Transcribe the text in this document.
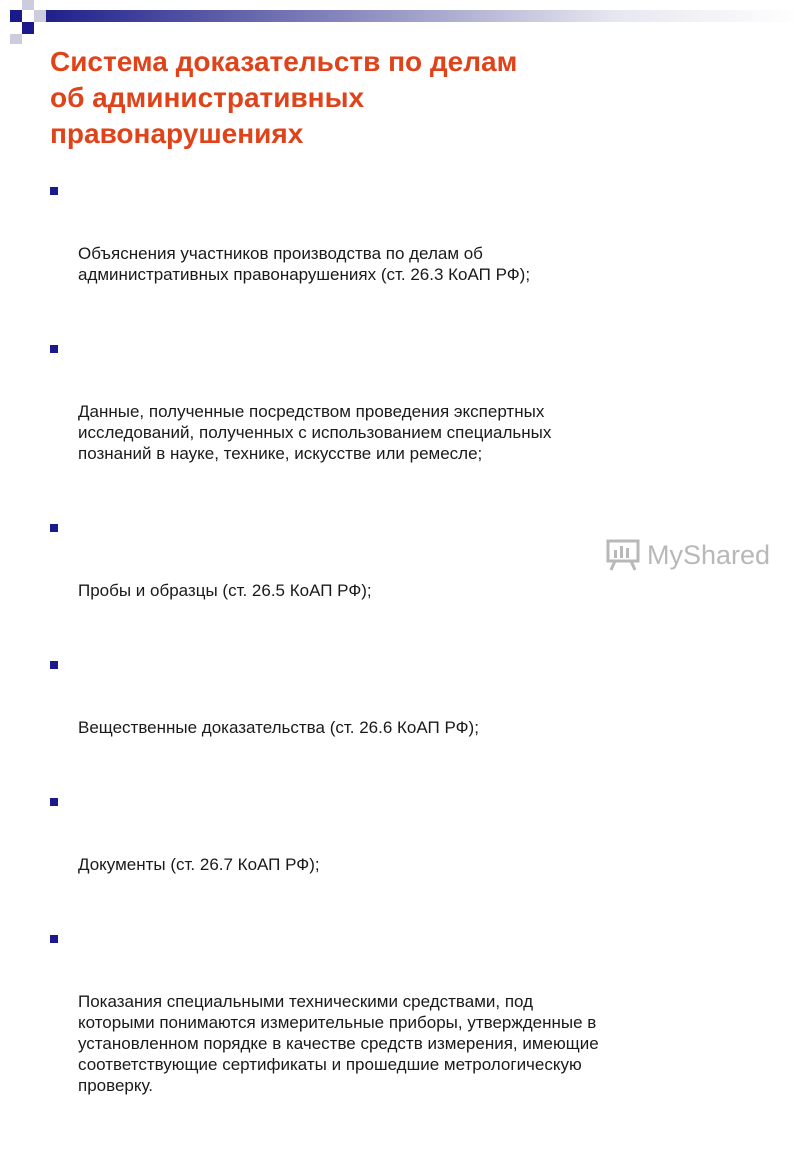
Система доказательств по делам
об административных
правонарушениях

Объяснения участников производства по делам об
административных правонарушениях (ст. 26.3 КоАП РФ);

Данные, полученные посредством проведения экспертных
исследований, полученных с использованием специальных
познаний в науке, технике, искусстве или ремесле;

Пробы и образцы (ст. 26.5 КоАП РФ);

Вещественные доказательства (ст. 26.6 КоАП РФ);

Документы (ст. 26.7 КоАП РФ);

Показания специальными техническими средствами, под
которыми понимаются измерительные приборы, утвержденные в
установленном порядке в качестве средств измерения, имеющие
соответствующие сертификаты и прошедшие метрологическую
проверку.

MyShared
